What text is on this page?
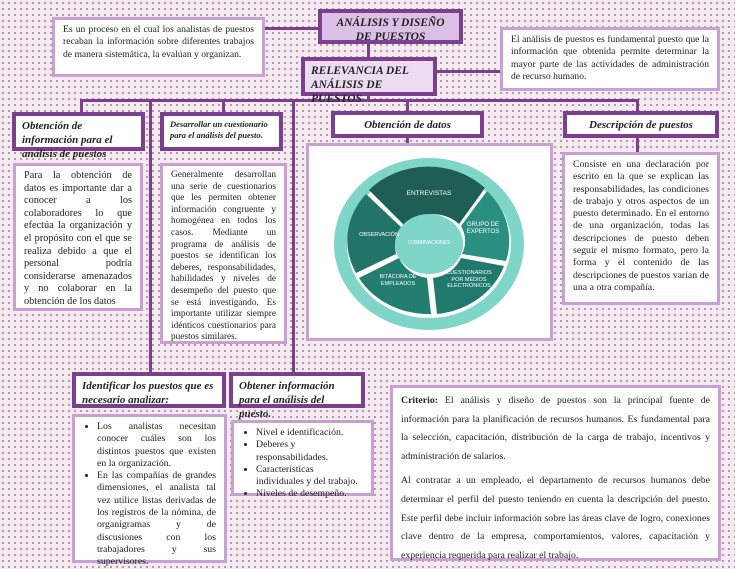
ANÁLISIS Y DISEÑO DE PUESTOS
Es un proceso en el cual los analistas de puestos recaban la información sobre diferentes trabajos de manera sistemática, la evalúan y organizan.
RELEVANCIA DEL ANÁLISIS DE PUESTOS
El análisis de puestos es fundamental puesto que la información que obtenida permite determinar la mayor parte de las actividades de administración de recurso humano.
Obtención de información para el análisis de puestos
Para la obtención de datos es importante dar a conocer a los colaboradores lo que efectúa la organización y el propósito con el que se realiza debido a que el personal podría considerarse amenazados y no colaborar en la obtención de los datos
Desarrollar un cuestionario para el análisis del puesto.
Generalmente desarrollan una serie de cuestionarios que les permiten obtener información congruente y homogénea en todos los casos. Mediante un programa de análisis de puestos se identifican los deberes, responsabilidades, habilidades y niveles de desempeño del puesto que se está investigando. Es importante utilizar siempre idénticos cuestionarios para puestos similares.
Obtención de datos	Descripción de puestos
Consiste en una declaración por escrito en la que se explican las responsabilidades, las condiciones de trabajo y otros aspectos de un puesto determinado. En el entorno de una organización, todas las descripciones de puesto deben seguir el mismo formato, pero la forma y el contenido de las descripciones de puestos varían de una a otra compañía.
COMBINACIONES
ENTREVISTAS
GRUPO DE EXPERTOS
CUESTIONARIOS POR MEDIOS ELECTRÓNICOS
BITÁCORA DE EMPLEADOS
OBSERVACIÓN
Identificar los puestos que es necesario analizar:
• Los analistas necesitan conocer cuáles son los distintos puestos que existen en la organización.
• En las compañías de grandes dimensiones, el analista tal vez utilice listas derivadas de los registros de la nómina, de organigramas y de discusiones con los trabajadores y sus supervisores.
Obtener información para el análisis del puesto.
• Nivel e identificación.
• Deberes y responsabilidades.
• Características individuales y del trabajo.
• Niveles de desempeño.

Criterio: El análisis y diseño de puestos son la principal fuente de información para la planificación de recursos humanos. Es fundamental para la selección, capacitación, distribución de la carga de trabajo, incentivos y administración de salarios.

Al contratar a un empleado, el departamento de recursos humanos debe determinar el perfil del puesto teniendo en cuenta la descripción del puesto. Este perfil debe incluir información sobre las áreas clave de logro, conexiones clave dentro de la empresa, comportamientos, valores, capacitación y experiencia requerida para realizar el trabajo.
